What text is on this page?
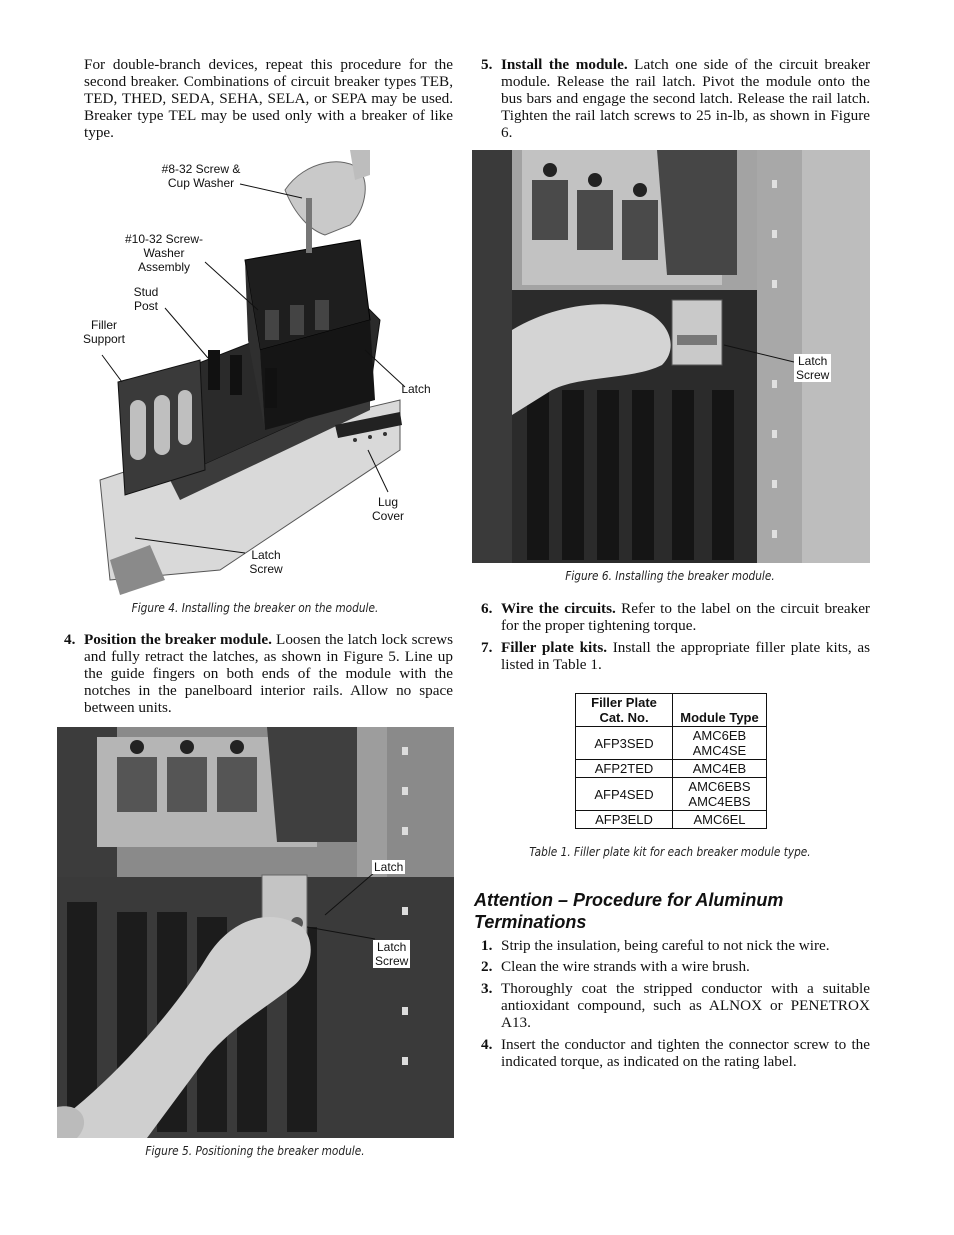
For double-branch devices, repeat this procedure for the second breaker. Combinations of circuit breaker types TEB, TED, THED, SEDA, SEHA, SELA, or SEPA may be used. Breaker type TEL may be used only with a breaker of like type.

#8-32 Screw &
Cup Washer
#10-32 Screw-
Washer
Assembly
Stud
Post
Filler
Support
Latch
Lug
Cover
Latch
Screw
Figure 4. Installing the breaker on the module.
4. Position the breaker module. Loosen the latch lock screws and fully retract the latches, as shown in Figure 5. Line up the guide fingers on both ends of the module with the notches in the panelboard interior rails. Allow no space between units.
Latch
Latch
Screw
Figure 5. Positioning the breaker module.
5. Install the module. Latch one side of the circuit breaker module. Release the rail latch. Pivot the module onto the bus bars and engage the second latch. Release the rail latch. Tighten the rail latch screws to 25 in-lb, as shown in Figure 6.
Latch
Screw
Figure 6. Installing the breaker module.
6. Wire the circuits. Refer to the label on the circuit breaker for the proper tightening torque.
7. Filler plate kits. Install the appropriate filler plate kits, as listed in Table 1.
Filler Plate
Cat. No.	Module Type
AFP3SED	AMC6EB
AMC4SE

AFP2TED	AMC4EB

AFP4SED	AMC6EBS
AMC4EBS

AFP3ELD	AMC6EL
Table 1. Filler plate kit for each breaker module type.
Attention – Procedure for Aluminum
Terminations
1. Strip the insulation, being careful to not nick the wire.
2. Clean the wire strands with a wire brush.
3. Thoroughly coat the stripped conductor with a suitable antioxidant compound, such as ALNOX or PENETROX A13.
4. Insert the conductor and tighten the connector screw to the indicated torque, as indicated on the rating label.
